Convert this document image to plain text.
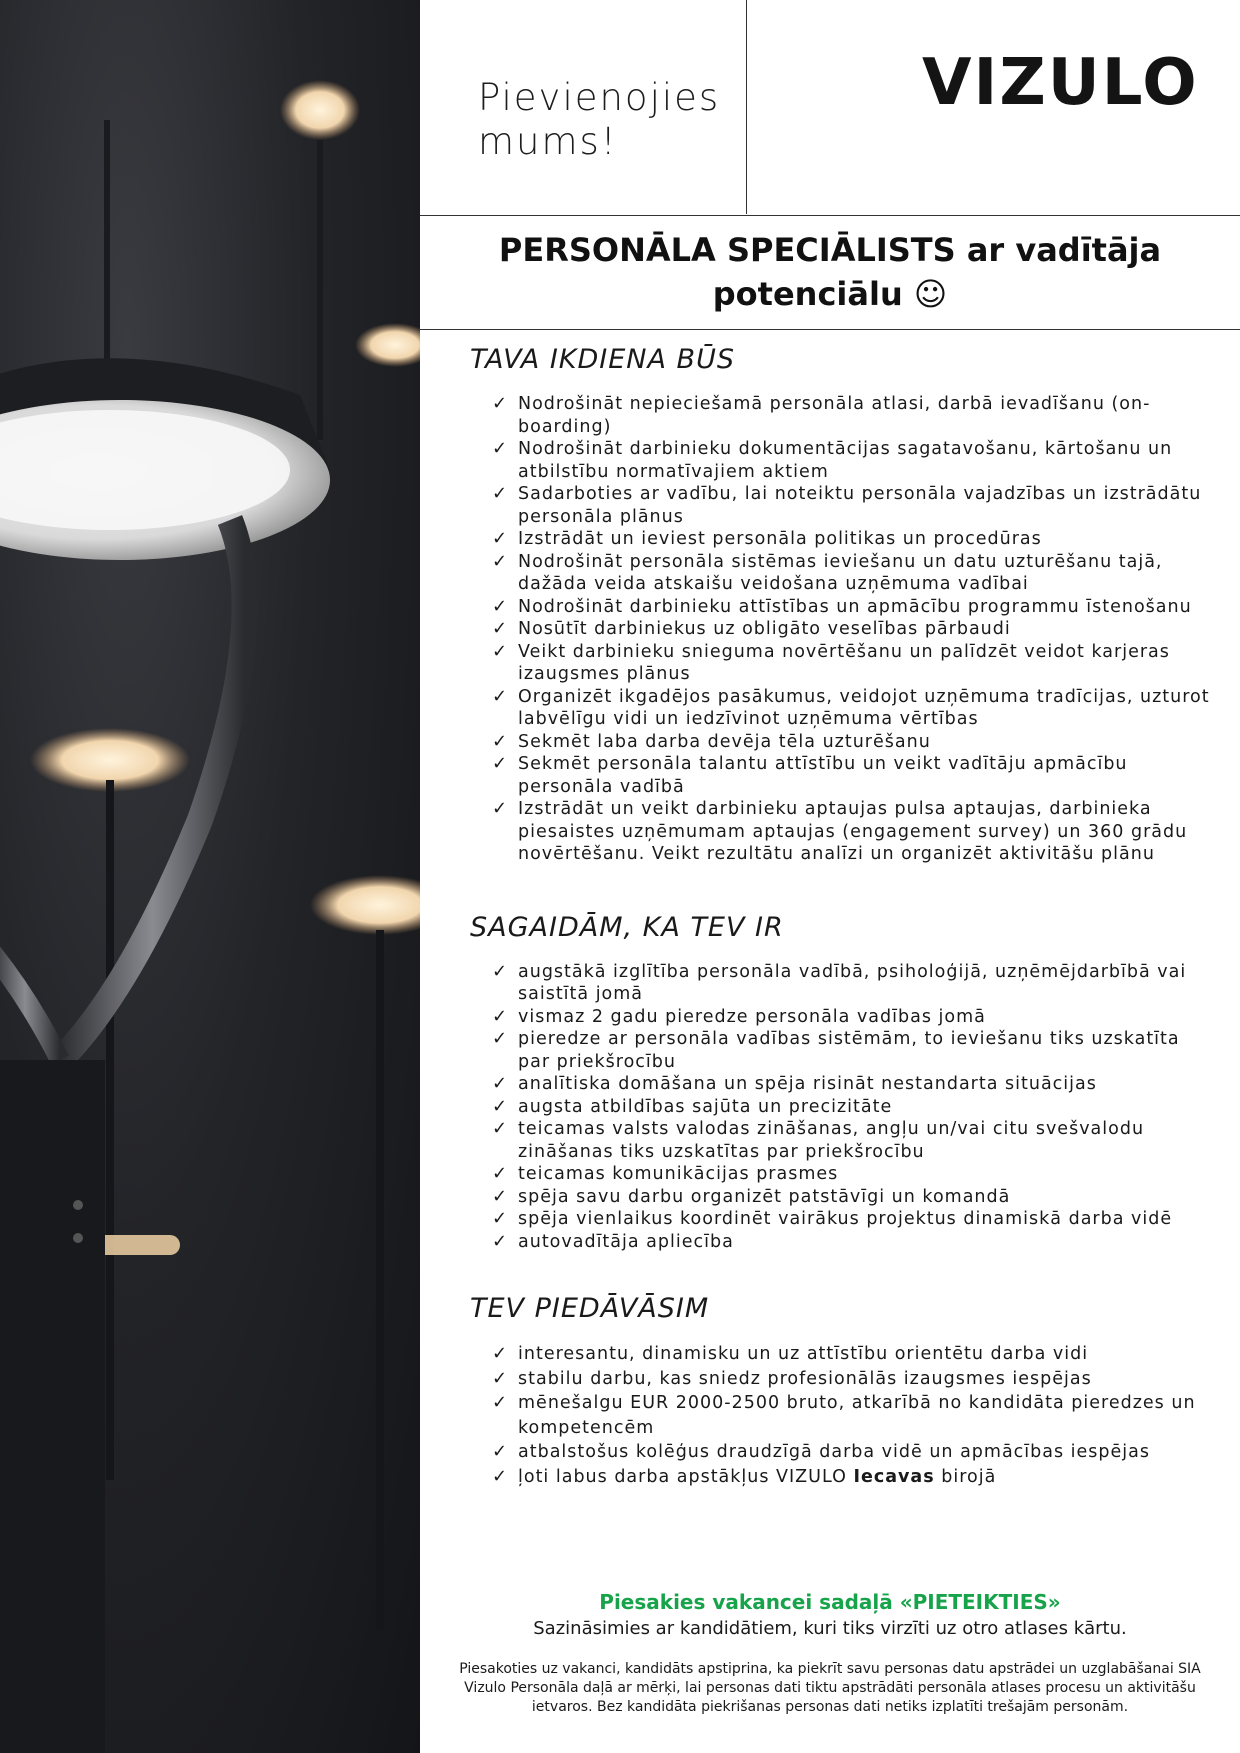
Pievienojies mums!
VIZULO
PERSONĀLA SPECIĀLISTS ar vadītāja potenciālu ☺
TAVA IKDIENA BŪS
✓ Nodrošināt nepieciešamā personāla atlasi, darbā ievadīšanu (on-boarding)
✓ Nodrošināt darbinieku dokumentācijas sagatavošanu, kārtošanu un atbilstību normatīvajiem aktiem
✓ Sadarboties ar vadību, lai noteiktu personāla vajadzības un izstrādātu personāla plānus
✓ Izstrādāt un ieviest personāla politikas un procedūras
✓ Nodrošināt personāla sistēmas ieviešanu un datu uzturēšanu tajā, dažāda veida atskaišu veidošana uzņēmuma vadībai
✓ Nodrošināt darbinieku attīstības un apmācību programmu īstenošanu
✓ Nosūtīt darbiniekus uz obligāto veselības pārbaudi
✓ Veikt darbinieku snieguma novērtēšanu un palīdzēt veidot karjeras izaugsmes plānus
✓ Organizēt ikgadējos pasākumus, veidojot uzņēmuma tradīcijas, uzturot labvēlīgu vidi un iedzīvinot uzņēmuma vērtības
✓ Sekmēt laba darba devēja tēla uzturēšanu
✓ Sekmēt personāla talantu attīstību un veikt vadītāju apmācību personāla vadībā
✓ Izstrādāt un veikt darbinieku aptaujas pulsa aptaujas, darbinieka piesaistes uzņēmumam aptaujas (engagement survey) un 360 grādu novērtēšanu. Veikt rezultātu analīzi un organizēt aktivitāšu plānu
SAGAIDĀM, KA TEV IR
✓ augstākā izglītība personāla vadībā, psiholoģijā, uzņēmējdarbībā vai saistītā jomā
✓ vismaz 2 gadu pieredze personāla vadības jomā
✓ pieredze ar personāla vadības sistēmām, to ieviešanu tiks uzskatīta par priekšrocību
✓ analītiska domāšana un spēja risināt nestandarta situācijas
✓ augsta atbildības sajūta un precizitāte
✓ teicamas valsts valodas zināšanas, angļu un/vai citu svešvalodu zināšanas tiks uzskatītas par priekšrocību
✓ teicamas komunikācijas prasmes
✓ spēja savu darbu organizēt patstāvīgi un komandā
✓ spēja vienlaikus koordinēt vairākus projektus dinamiskā darba vidē
✓ autovadītāja apliecība
TEV PIEDĀVĀSIM
✓ interesantu, dinamisku un uz attīstību orientētu darba vidi
✓ stabilu darbu, kas sniedz profesionālās izaugsmes iespējas
✓ mēnešalgu EUR 2000-2500 bruto, atkarībā no kandidāta pieredzes un kompetencēm
✓ atbalstošus kolēģus draudzīgā darba vidē un apmācības iespējas
✓ ļoti labus darba apstākļus VIZULO Iecavas birojā
Piesakies vakancei sadaļā «PIETEIKTIES»
Sazināsimies ar kandidātiem, kuri tiks virzīti uz otro atlases kārtu.
Piesakoties uz vakanci, kandidāts apstiprina, ka piekrīt savu personas datu apstrādei un uzglabāšanai SIA Vizulo Personāla daļā ar mērķi, lai personas dati tiktu apstrādāti personāla atlases procesu un aktivitāšu ietvaros. Bez kandidāta piekrišanas personas dati netiks izplatīti trešajām personām.
